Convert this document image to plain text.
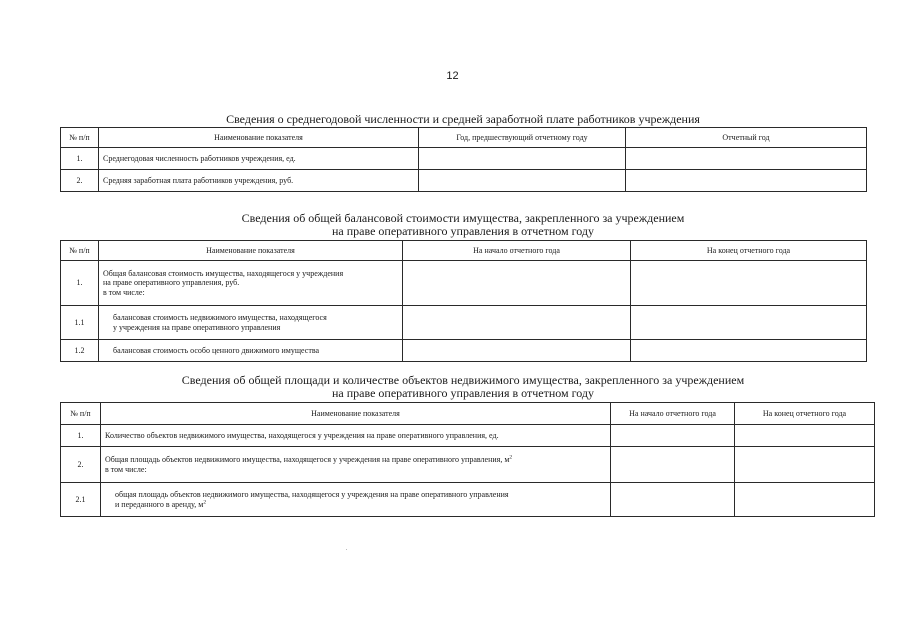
12
Сведения о среднегодовой численности и средней заработной плате работников учреждения
№ п/п	Наименование показателя	Год, предшествующий отчетному году	Отчетный год
1.	Среднегодовая численность работников учреждения, ед.		
2.	Средняя заработная плата работников учреждения, руб.		
Сведения об общей балансовой стоимости имущества, закрепленного за учреждением
на праве оперативного управления в отчетном году
№ п/п	Наименование показателя	На начало отчетного года	На конец отчетного года
1.	Общая балансовая стоимость имущества, находящегося у учреждения
на праве оперативного управления, руб.
в том числе:		
1.1	балансовая стоимость недвижимого имущества, находящегося
у учреждения на праве оперативного управления		
1.2	балансовая стоимость особо ценного движимого имущества		
Сведения об общей площади и количестве объектов недвижимого имущества, закрепленного за учреждением
на праве оперативного управления в отчетном году
№ п/п	Наименование показателя	На начало отчетного года	На конец отчетного года
1.	Количество объектов недвижимого имущества, находящегося у учреждения на праве оперативного управления, ед.		
2.	Общая площадь объектов недвижимого имущества, находящегося у учреждения на праве оперативного управления, $м^2$
в том числе:		
2.1	общая площадь объектов недвижимого имущества, находящегося у учреждения на праве оперативного управления
и переданного в аренду, $м^2$		
